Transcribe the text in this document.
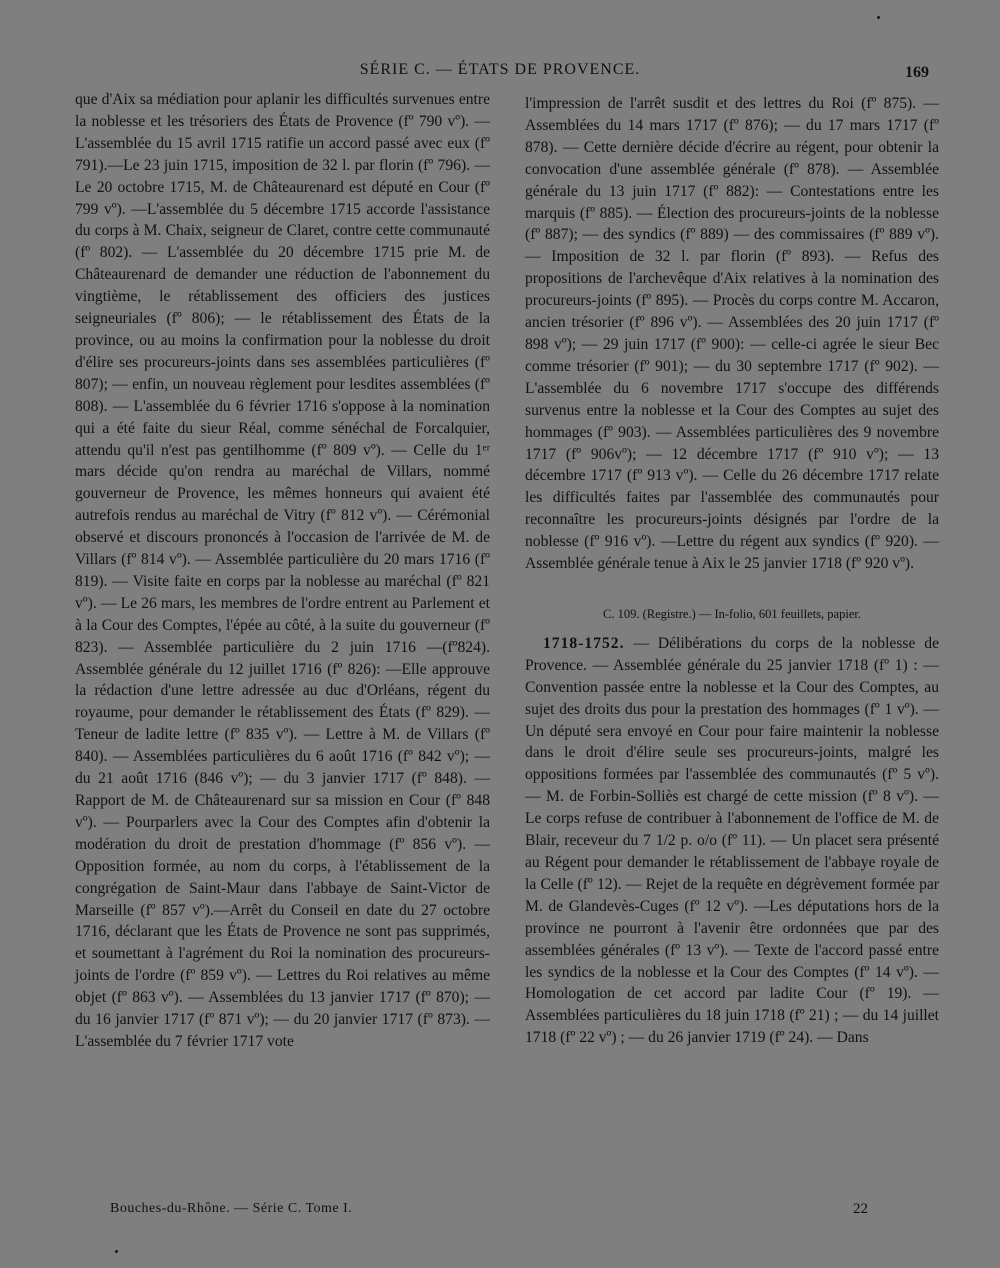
SÉRIE C. — ÉTATS DE PROVENCE.	169

que d'Aix sa médiation pour aplanir les difficultés survenues entre la noblesse et les trésoriers des États de Provence (fº 790 vº). — L'assemblée du 15 avril 1715 ratifie un accord passé avec eux (fº 791).—Le 23 juin 1715, imposition de 32 l. par florin (fº 796). — Le 20 octobre 1715, M. de Châteaurenard est député en Cour (fº 799 vº). —L'assemblée du 5 décembre 1715 accorde l'assistance du corps à M. Chaix, seigneur de Claret, contre cette communauté (fº 802). — L'assemblée du 20 décembre 1715 prie M. de Châteaurenard de demander une réduction de l'abonnement du vingtième, le rétablissement des officiers des justices seigneuriales (fº 806); — le rétablissement des États de la province, ou au moins la confirmation pour la noblesse du droit d'élire ses procureurs-joints dans ses assemblées particulières (fº 807); — enfin, un nouveau règlement pour lesdites assemblées (fº 808). — L'assemblée du 6 février 1716 s'oppose à la nomination qui a été faite du sieur Réal, comme sénéchal de Forcalquier, attendu qu'il n'est pas gentilhomme (fº 809 vº). — Celle du 1ᵉʳ mars décide qu'on rendra au maréchal de Villars, nommé gouverneur de Provence, les mêmes honneurs qui avaient été autrefois rendus au maréchal de Vitry (fº 812 vº). — Cérémonial observé et discours prononcés à l'occasion de l'arrivée de M. de Villars (fº 814 vº). — Assemblée particulière du 20 mars 1716 (fº 819). — Visite faite en corps par la noblesse au maréchal (fº 821 vº). — Le 26 mars, les membres de l'ordre entrent au Parlement et à la Cour des Comptes, l'épée au côté, à la suite du gouverneur (fº 823). — Assemblée particulière du 2 juin 1716 —(fº824). Assemblée générale du 12 juillet 1716 (fº 826): —Elle approuve la rédaction d'une lettre adressée au duc d'Orléans, régent du royaume, pour demander le rétablissement des États (fº 829). — Teneur de ladite lettre (fº 835 vº). — Lettre à M. de Villars (fº 840). — Assemblées particulières du 6 août 1716 (fº 842 vº); — du 21 août 1716 (846 vº); — du 3 janvier 1717 (fº 848). — Rapport de M. de Châteaurenard sur sa mission en Cour (fº 848 vº). — Pourparlers avec la Cour des Comptes afin d'obtenir la modération du droit de prestation d'hommage (fº 856 vº). — Opposition formée, au nom du corps, à l'établissement de la congrégation de Saint-Maur dans l'abbaye de Saint-Victor de Marseille (fº 857 vº).—Arrêt du Conseil en date du 27 octobre 1716, déclarant que les États de Provence ne sont pas supprimés, et soumettant à l'agrément du Roi la nomination des procureurs-joints de l'ordre (fº 859 vº). — Lettres du Roi relatives au même objet (fº 863 vº). — Assemblées du 13 janvier 1717 (fº 870); — du 16 janvier 1717 (fº 871 vº); — du 20 janvier 1717 (fº 873). — L'assemblée du 7 février 1717 vote

l'impression de l'arrêt susdit et des lettres du Roi (fº 875). —Assemblées du 14 mars 1717 (fº 876); — du 17 mars 1717 (fº 878). — Cette dernière décide d'écrire au régent, pour obtenir la convocation d'une assemblée générale (fº 878). — Assemblée générale du 13 juin 1717 (fº 882): — Contestations entre les marquis (fº 885). — Élection des procureurs-joints de la noblesse (fº 887); — des syndics (fº 889) — des commissaires (fº 889 vº). — Imposition de 32 l. par florin (fº 893). — Refus des propositions de l'archevêque d'Aix relatives à la nomination des procureurs-joints (fº 895). — Procès du corps contre M. Accaron, ancien trésorier (fº 896 vº). — Assemblées des 20 juin 1717 (fº 898 vº); — 29 juin 1717 (fº 900): — celle-ci agrée le sieur Bec comme trésorier (fº 901); — du 30 septembre 1717 (fº 902). — L'assemblée du 6 novembre 1717 s'occupe des différends survenus entre la noblesse et la Cour des Comptes au sujet des hommages (fº 903). — Assemblées particulières des 9 novembre 1717 (fº 906vº); — 12 décembre 1717 (fº 910 vº); — 13 décembre 1717 (fº 913 vº). — Celle du 26 décembre 1717 relate les difficultés faites par l'assemblée des communautés pour reconnaître les procureurs-joints désignés par l'ordre de la noblesse (fº 916 vº). —Lettre du régent aux syndics (fº 920). — Assemblée générale tenue à Aix le 25 janvier 1718 (fº 920 vº).

C. 109. (Registre.) — In-folio, 601 feuillets, papier.

1718-1752. — Délibérations du corps de la noblesse de Provence. — Assemblée générale du 25 janvier 1718 (fº 1) : — Convention passée entre la noblesse et la Cour des Comptes, au sujet des droits dus pour la prestation des hommages (fº 1 vº). — Un député sera envoyé en Cour pour faire maintenir la noblesse dans le droit d'élire seule ses procureurs-joints, malgré les oppositions formées par l'assemblée des communautés (fº 5 vº). — M. de Forbin-Solliès est chargé de cette mission (fº 8 vº). — Le corps refuse de contribuer à l'abonnement de l'office de M. de Blair, receveur du 7 1/2 p. o/o (fº 11). — Un placet sera présenté au Régent pour demander le rétablissement de l'abbaye royale de la Celle (fº 12). — Rejet de la requête en dégrèvement formée par M. de Glandevès-Cuges (fº 12 vº). —Les députations hors de la province ne pourront à l'avenir être ordonnées que par des assemblées générales (fº 13 vº). — Texte de l'accord passé entre les syndics de la noblesse et la Cour des Comptes (fº 14 vº). — Homologation de cet accord par ladite Cour (fº 19). — Assemblées particulières du 18 juin 1718 (fº 21) ; — du 14 juillet 1718 (fº 22 vº) ; — du 26 janvier 1719 (fº 24). — Dans

Bouches-du-Rhône. — Série C. Tome I.	22
